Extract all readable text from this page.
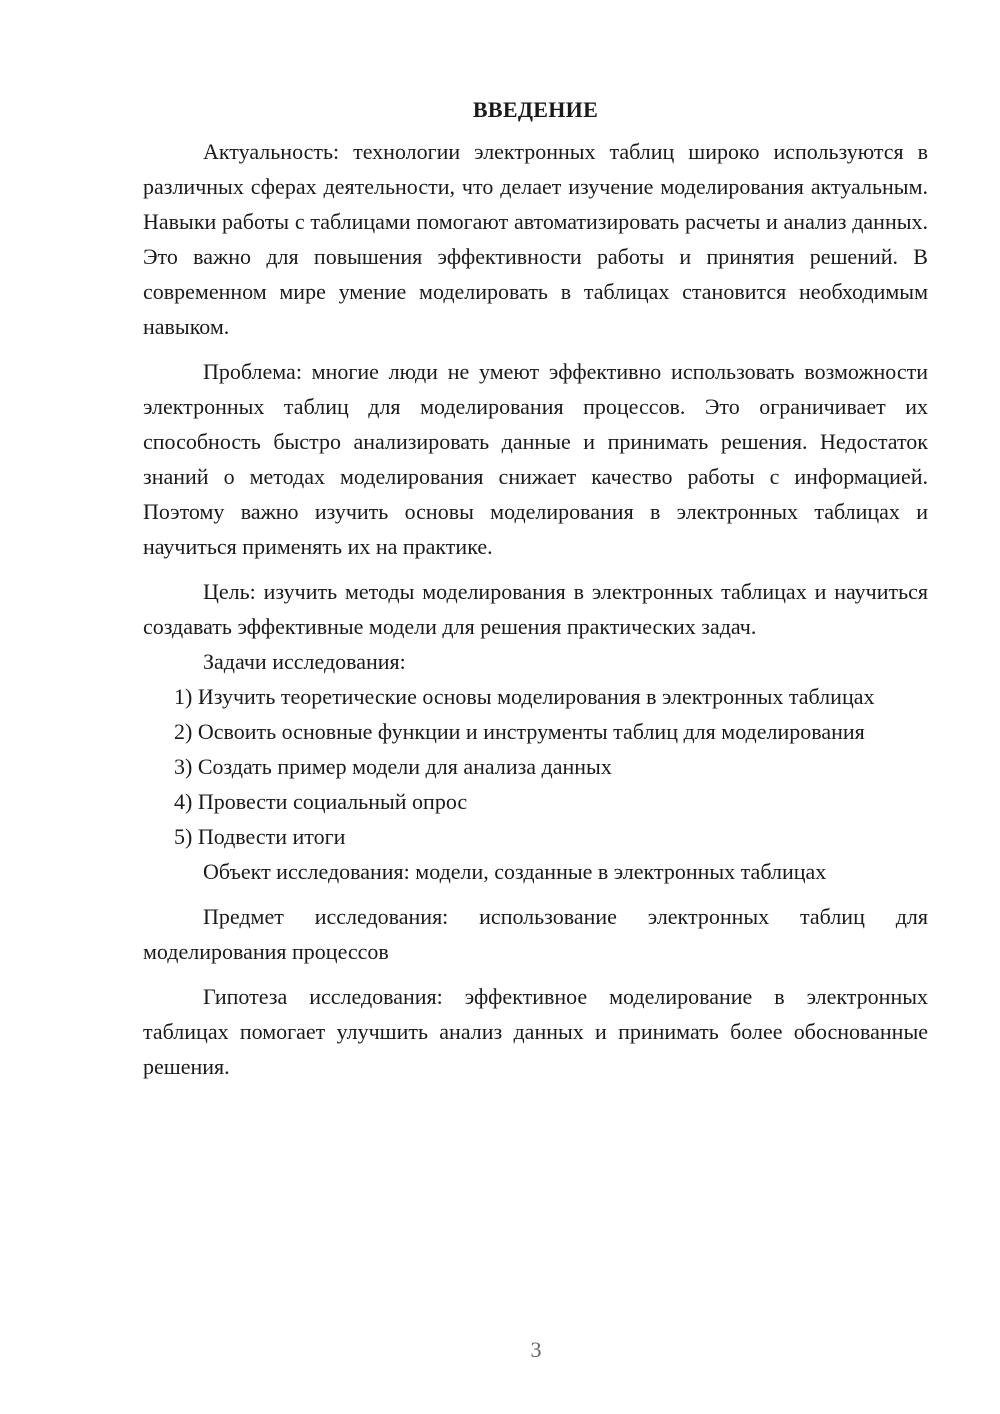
ВВЕДЕНИЕ

Актуальность: технологии электронных таблиц широко используются в различных сферах деятельности, что делает изучение моделирования актуальным. Навыки работы с таблицами помогают автоматизировать расчеты и анализ данных. Это важно для повышения эффективности работы и принятия решений. В современном мире умение моделировать в таблицах становится необходимым навыком.

Проблема: многие люди не умеют эффективно использовать возможности электронных таблиц для моделирования процессов. Это ограничивает их способность быстро анализировать данные и принимать решения. Недостаток знаний о методах моделирования снижает качество работы с информацией. Поэтому важно изучить основы моделирования в электронных таблицах и научиться применять их на практике.

Цель: изучить методы моделирования в электронных таблицах и научиться создавать эффективные модели для решения практических задач.

Задачи исследования:

1) Изучить теоретические основы моделирования в электронных таблицах

2) Освоить основные функции и инструменты таблиц для моделирования

3) Создать пример модели для анализа данных

4) Провести социальный опрос

5) Подвести итоги

Объект исследования: модели, созданные в электронных таблицах

Предмет исследования: использование электронных таблиц для моделирования процессов

Гипотеза исследования: эффективное моделирование в электронных таблицах помогает улучшить анализ данных и принимать более обоснованные решения.

3
